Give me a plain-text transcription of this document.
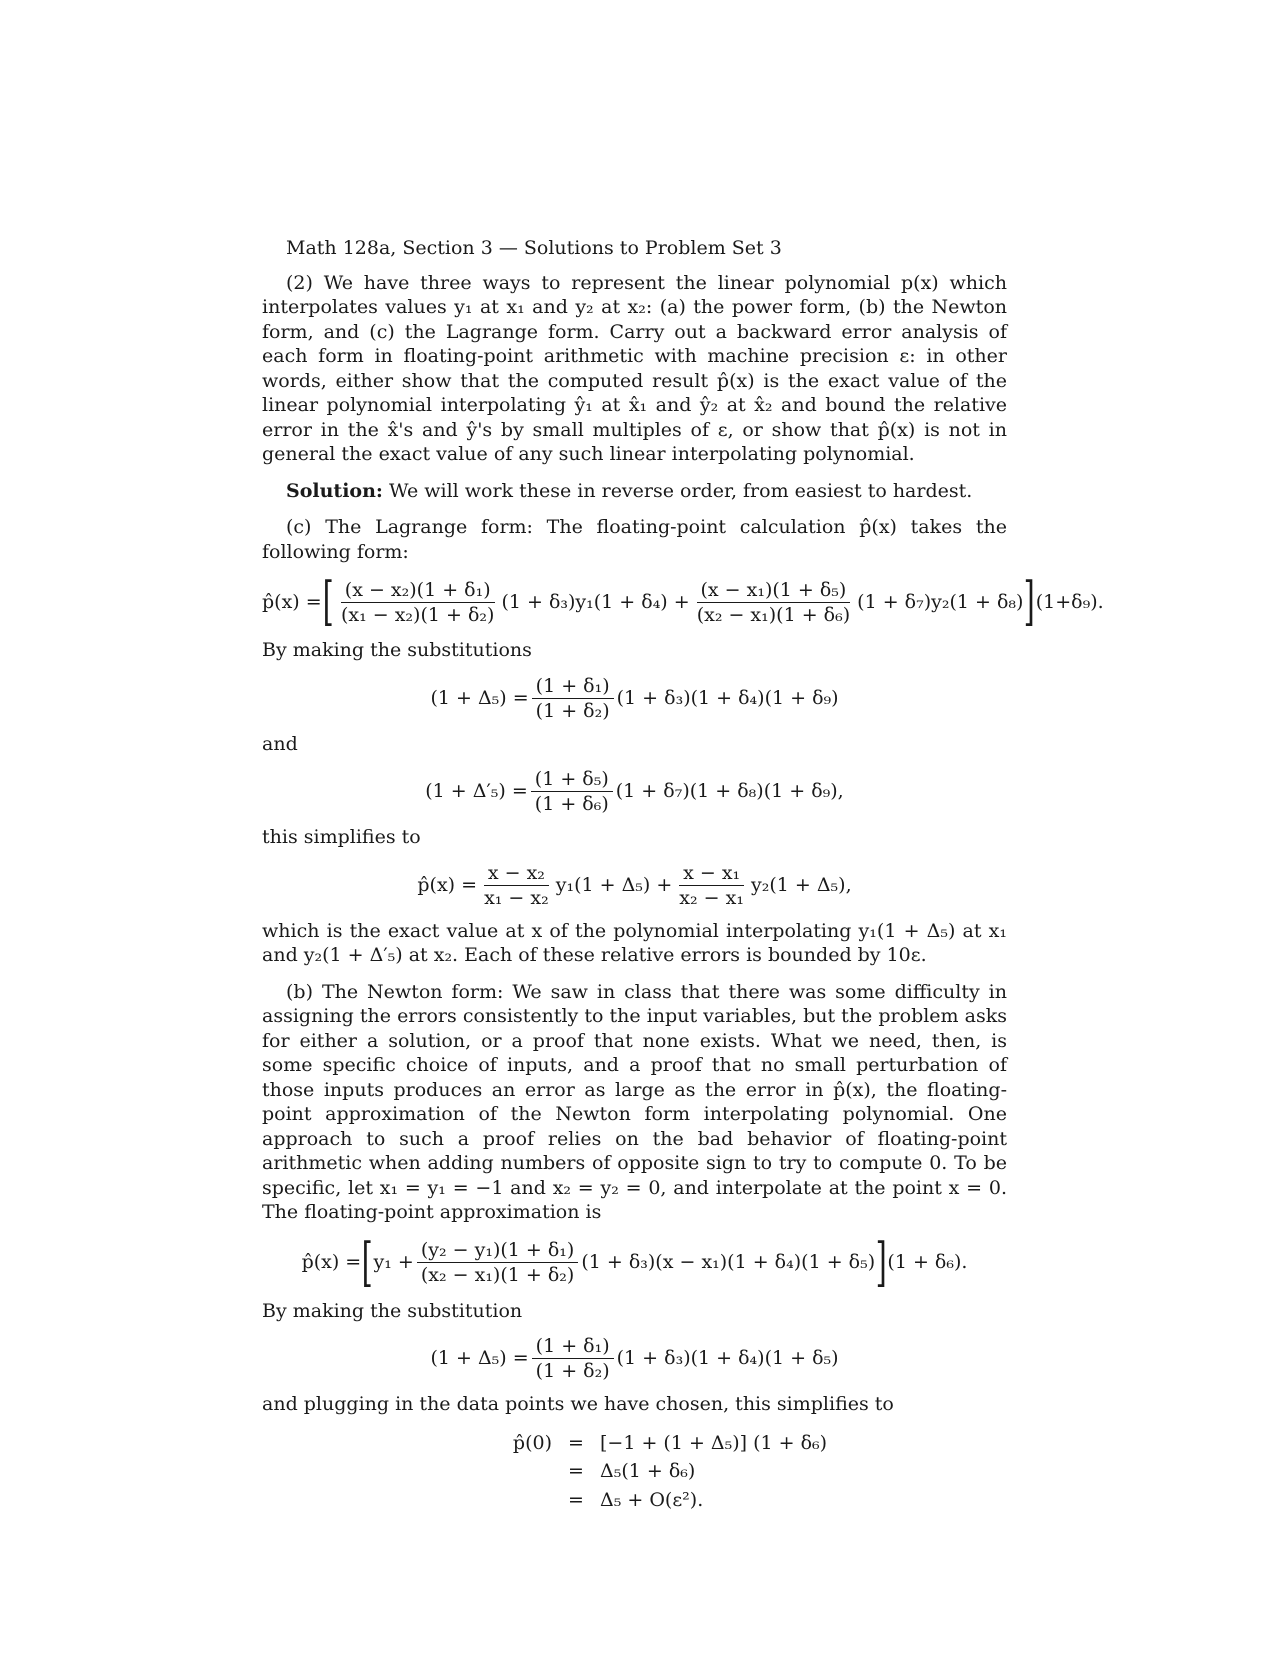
Math 128a, Section 3 — Solutions to Problem Set 3

(2) We have three ways to represent the linear polynomial p(x) which interpolates values y₁ at x₁ and y₂ at x₂: (a) the power form, (b) the Newton form, and (c) the Lagrange form. Carry out a backward error analysis of each form in floating-point arithmetic with machine precision ε: in other words, either show that the computed result p̂(x) is the exact value of the linear polynomial interpolating ŷ₁ at x̂₁ and ŷ₂ at x̂₂ and bound the relative error in the x̂'s and ŷ's by small multiples of ε, or show that p̂(x) is not in general the exact value of any such linear interpolating polynomial.

Solution: We will work these in reverse order, from easiest to hardest.

(c) The Lagrange form: The floating-point calculation p̂(x) takes the following form:

p̂(x) = [ $\frac{\text{(x − x₂)(1 + δ₁)}}{\text{(x₁ − x₂)(1 + δ₂)}} (1 + \delta_3)y_1(1 + \delta_4) + \frac{\text{(x − x₁)(1 + δ₅)}}{\text{(x₂ − x₁)(1 + δ₆)}} (1 + \delta_7)y_2(1 + \delta_8)$ ] (1+δ₉).

By making the substitutions

$(1 + \Delta_5) = \frac{\text{(1 + δ₁)}}{\text{(1 + δ₂)}} (1 + \delta_3)(1 + \delta_4)(1 + \delta_9)$

and

$(1 + \Delta'_5) = \frac{\text{(1 + δ₅)}}{\text{(1 + δ₆)}} (1 + \delta_7)(1 + \delta_8)(1 + \delta_9)$,

this simplifies to

p̂(x) = $\frac{\text{x − x₂}}{\text{x₁ − x₂}} y_1(1 + \Delta_5) + \frac{\text{x − x₁}}{\text{x₂ − x₁}} y_2(1 + \Delta_5)$,

which is the exact value at x of the polynomial interpolating y₁(1 + Δ₅) at x₁ and y₂(1 + Δ′₅) at x₂. Each of these relative errors is bounded by 10ε.

(b) The Newton form: We saw in class that there was some difficulty in assigning the errors consistently to the input variables, but the problem asks for either a solution, or a proof that none exists. What we need, then, is some specific choice of inputs, and a proof that no small perturbation of those inputs produces an error as large as the error in p̂(x), the floating-point approximation of the Newton form interpolating polynomial. One approach to such a proof relies on the bad behavior of floating-point arithmetic when adding numbers of opposite sign to try to compute 0. To be specific, let x₁ = y₁ = −1 and x₂ = y₂ = 0, and interpolate at the point x = 0. The floating-point approximation is

p̂(x) = [ $y_1 + \frac{\text{(y₂ − y₁)(1 + δ₁)}}{\text{(x₂ − x₁)(1 + δ₂)}} (1 + \delta_3)(x - x_1)(1 + \delta_4)(1 + \delta_5)$ ] (1 + δ₆).

By making the substitution

$(1 + \Delta_5) = \frac{\text{(1 + δ₁)}}{\text{(1 + δ₂)}} (1 + \delta_3)(1 + \delta_4)(1 + \delta_5)$

and plugging in the data points we have chosen, this simplifies to

p̂(0) = [−1 + (1 + Δ₅)] (1 + δ₆)
= Δ₅(1 + δ₆)
= Δ₅ + O(ε²).
